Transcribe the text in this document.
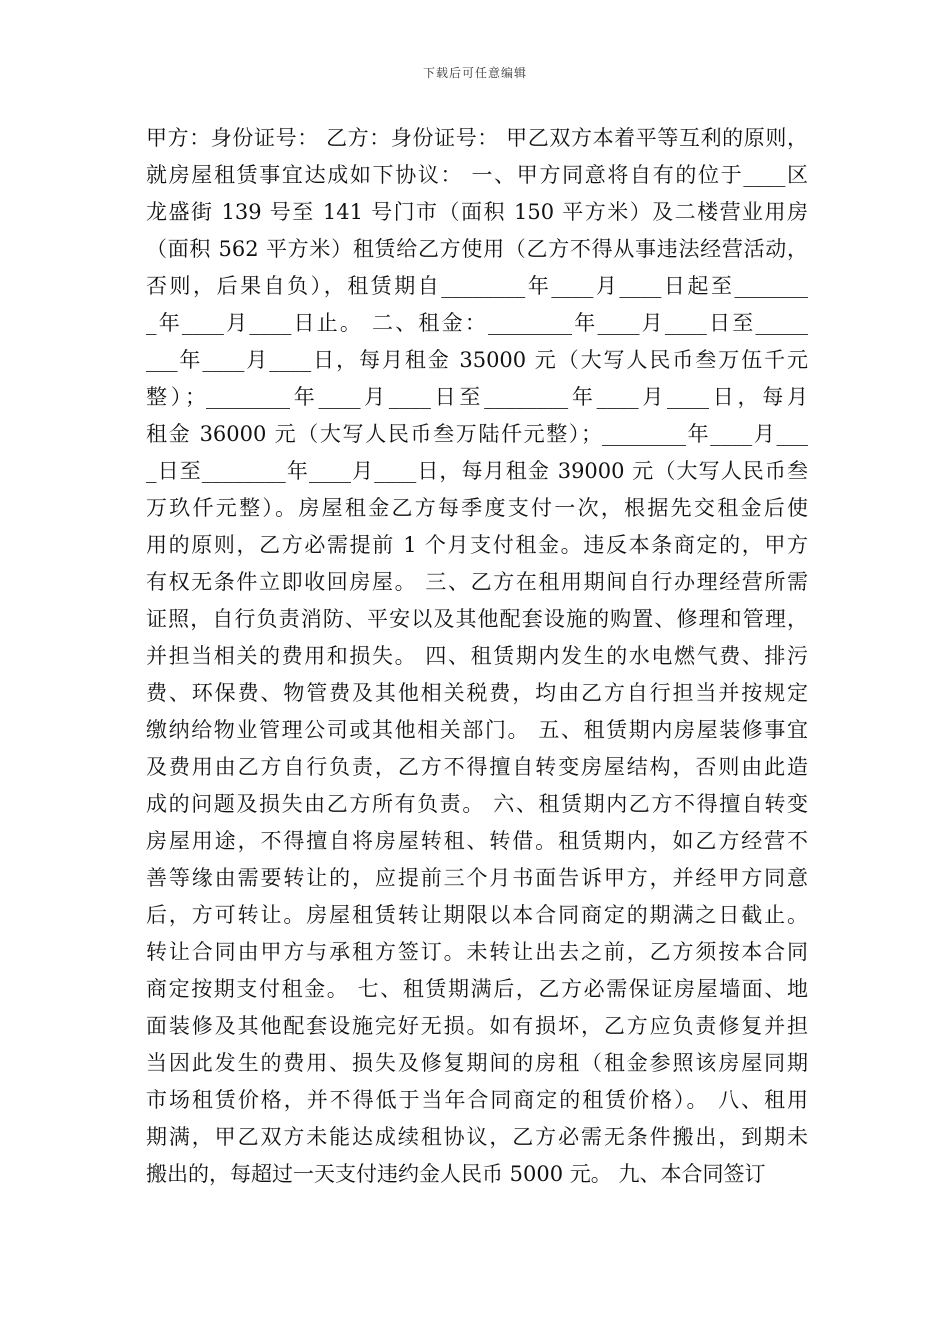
下载后可任意编辑
甲方：身份证号： 乙方：身份证号： 甲乙双方本着平等互利的原则，
就房屋租赁事宜达成如下协议： 一、甲方同意将自有的位于____区
龙盛街 139 号至 141 号门市（面积 150 平方米）及二楼营业用房
（面积 562 平方米）租赁给乙方使用（乙方不得从事违法经营活动，
否则，后果自负），租赁期自________年____月____日起至_______
_年____月____日止。 二、租金：________年____月____日至_____
___年____月____日，每月租金 35000 元（大写人民币叁万伍千元
整）；________年____月____日至________年____月____日，每月
租金 36000 元（大写人民币叁万陆仟元整）；________年____月___
_日至________年____月____日，每月租金 39000 元（大写人民币叁
万玖仟元整）。房屋租金乙方每季度支付一次，根据先交租金后使
用的原则，乙方必需提前 1 个月支付租金。违反本条商定的，甲方
有权无条件立即收回房屋。 三、乙方在租用期间自行办理经营所需
证照，自行负责消防、平安以及其他配套设施的购置、修理和管理，
并担当相关的费用和损失。 四、租赁期内发生的水电燃气费、排污
费、环保费、物管费及其他相关税费，均由乙方自行担当并按规定
缴纳给物业管理公司或其他相关部门。 五、租赁期内房屋装修事宜
及费用由乙方自行负责，乙方不得擅自转变房屋结构，否则由此造
成的问题及损失由乙方所有负责。 六、租赁期内乙方不得擅自转变
房屋用途，不得擅自将房屋转租、转借。租赁期内，如乙方经营不
善等缘由需要转让的，应提前三个月书面告诉甲方，并经甲方同意
后，方可转让。房屋租赁转让期限以本合同商定的期满之日截止。
转让合同由甲方与承租方签订。未转让出去之前，乙方须按本合同
商定按期支付租金。 七、租赁期满后，乙方必需保证房屋墙面、地
面装修及其他配套设施完好无损。如有损坏，乙方应负责修复并担
当因此发生的费用、损失及修复期间的房租（租金参照该房屋同期
市场租赁价格，并不得低于当年合同商定的租赁价格）。 八、租用
期满，甲乙双方未能达成续租协议，乙方必需无条件搬出，到期未
搬出的，每超过一天支付违约金人民币 5000 元。 九、本合同签订
